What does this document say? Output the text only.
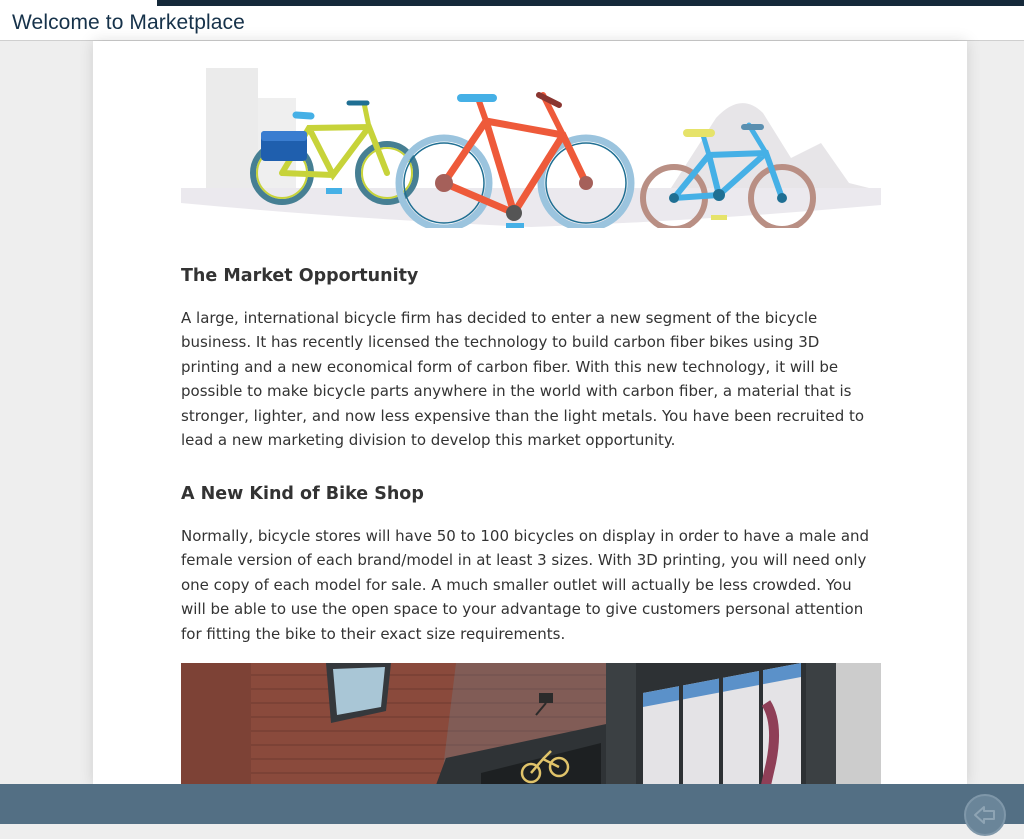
Welcome to Marketplace
The Market Opportunity

A large, international bicycle firm has decided to enter a new segment of the bicycle business. It has recently licensed the technology to build carbon fiber bikes using 3D printing and a new economical form of carbon fiber. With this new technology, it will be possible to make bicycle parts anywhere in the world with carbon fiber, a material that is stronger, lighter, and now less expensive than the light metals. You have been recruited to lead a new marketing division to develop this market opportunity.

A New Kind of Bike Shop

Normally, bicycle stores will have 50 to 100 bicycles on display in order to have a male and female version of each brand/model in at least 3 sizes. With 3D printing, you will need only one copy of each model for sale. A much smaller outlet will actually be less crowded. You will be able to use the open space to your advantage to give customers personal attention for fitting the bike to their exact size requirements.
